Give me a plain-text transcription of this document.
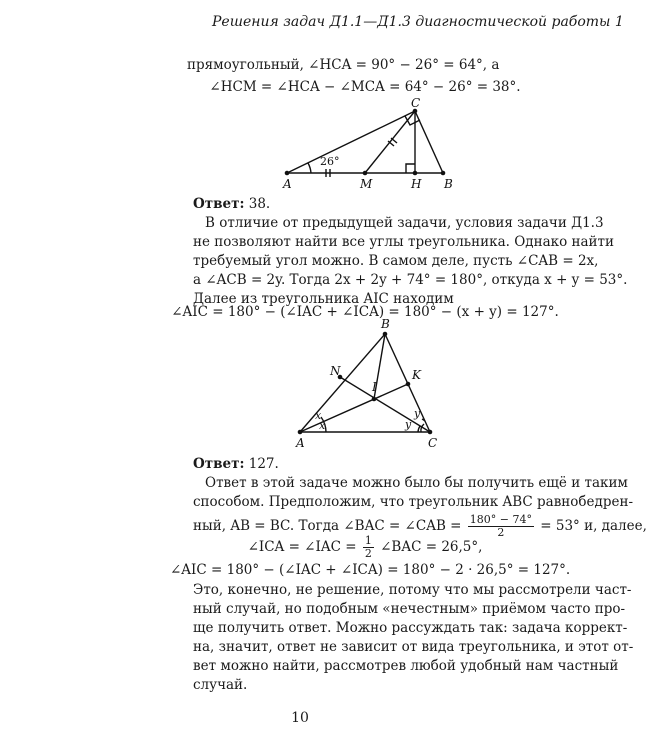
Решения задач Д1.1—Д1.3 диагностической работы 1
прямоугольный, ∠HCA = 90° − 26° = 64°, а
∠HCM = ∠HCA − ∠MCA = 64° − 26° = 38°.
A	M	H B
C
26°
Ответ: 38.
В отличие от предыдущей задачи, условия задачи Д1.3
не позволяют найти все углы треугольника. Однако найти
требуемый угол можно. В самом деле, пусть ∠CAB = 2x,
а ∠ACB = 2y. Тогда 2x + 2y + 74° = 180°, откуда x + y = 53°.
Далее из треугольника AIC находим
∠AIC = 180° − (∠IAC + ∠ICA) = 180° − (x + y) = 127°.
A
B
C
N	K
I
x
x
y
y
Ответ: 127.
Ответ в этой задаче можно было бы получить ещё и таким
способом. Предположим, что треугольник ABC равнобедрен-
ный, AB = BC. Тогда ∠BAC = ∠CAB = $\frac{180^\circ - 74^\circ}{2} = 53^\circ$ и, далее,
∠ICA = ∠IAC = $\frac{1}{2}$ ∠BAC = 26,5°,
∠AIC = 180° − (∠IAC + ∠ICA) = 180° − 2 · 26,5° = 127°.
Это, конечно, не решение, потому что мы рассмотрели част-
ный случай, но подобным «нечестным» приёмом часто про-
ще получить ответ. Можно рассуждать так: задача коррект-
на, значит, ответ не зависит от вида треугольника, и этот от-
вет можно найти, рассмотрев любой удобный нам частный
случай.
10
